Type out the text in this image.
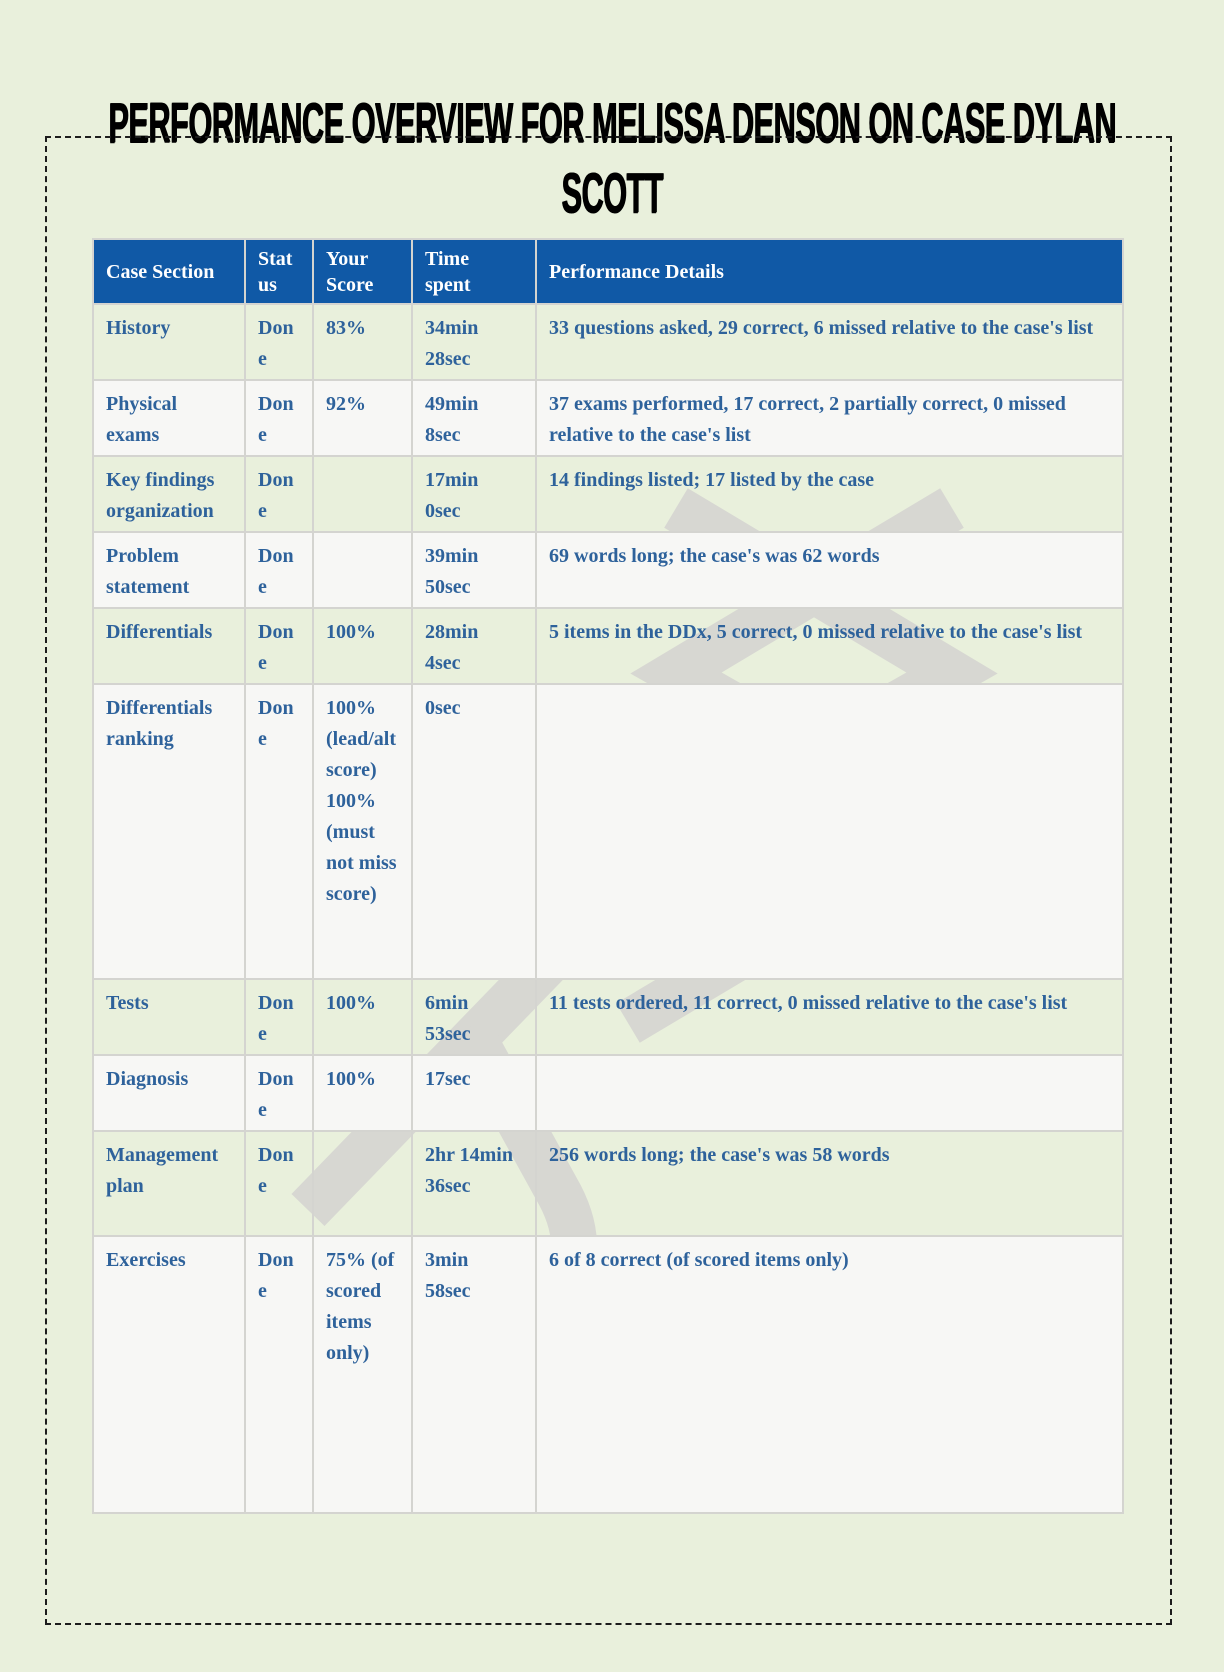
PERFORMANCE OVERVIEW FOR MELISSA DENSON ON CASE DYLAN
SCOTT
Case Section	Status	Your Score	Time spent	Performance Details
History	Done	83%	34min 28sec	33 questions asked, 29 correct, 6 missed relative to the case's list
Physical exams	Done	92%	49min 8sec	37 exams performed, 17 correct, 2 partially correct, 0 missed relative to the case's list
Key findings organization	Done		17min 0sec	14 findings listed; 17 listed by the case
Problem statement	Done		39min 50sec	69 words long; the case's was 62 words
Differentials	Done	100%	28min 4sec	5 items in the DDx, 5 correct, 0 missed relative to the case's list
Differentials ranking	Done	100% (lead/alt score) 100% (must not miss score)	0sec	
Tests	Done	100%	6min 53sec	11 tests ordered, 11 correct, 0 missed relative to the case's list
Diagnosis	Done	100%	17sec	
Management plan	Done		2hr 14min 36sec	256 words long; the case's was 58 words
Exercises	Done	75% (of scored items only)	3min 58sec	6 of 8 correct (of scored items only)
